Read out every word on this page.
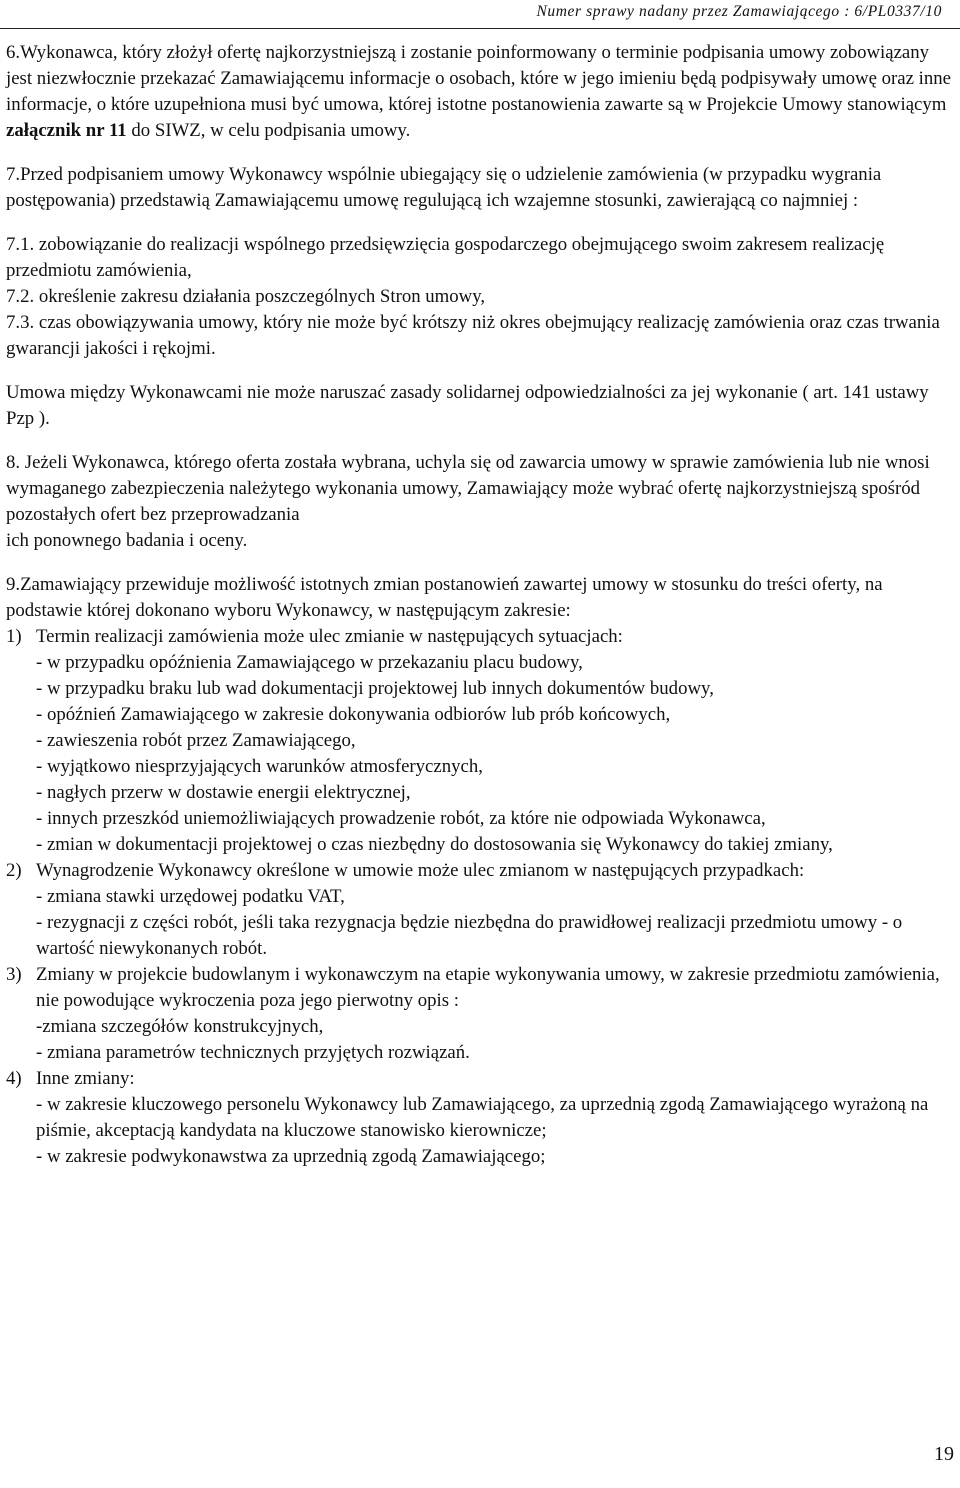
Numer sprawy nadany przez Zamawiającego : 6/PL0337/10

6.Wykonawca, który złożył ofertę najkorzystniejszą i zostanie poinformowany o terminie podpisania umowy zobowiązany jest niezwłocznie przekazać Zamawiającemu informacje o osobach, które w jego imieniu będą podpisywały umowę oraz inne informacje, o które uzupełniona musi być umowa, której istotne postanowienia zawarte są w Projekcie Umowy stanowiącym załącznik nr 11 do SIWZ, w celu podpisania umowy.

7.Przed podpisaniem umowy Wykonawcy wspólnie ubiegający się o udzielenie zamówienia (w przypadku wygrania postępowania) przedstawią Zamawiającemu umowę regulującą ich wzajemne stosunki, zawierającą co najmniej :

7.1. zobowiązanie do realizacji wspólnego przedsięwzięcia gospodarczego obejmującego swoim zakresem realizację przedmiotu zamówienia,

7.2. określenie zakresu działania poszczególnych Stron umowy,

7.3. czas obowiązywania umowy, który nie może być krótszy niż okres obejmujący realizację zamówienia oraz czas trwania gwarancji jakości i rękojmi.

Umowa między Wykonawcami nie może naruszać zasady solidarnej odpowiedzialności za jej wykonanie ( art. 141 ustawy Pzp ).

8. Jeżeli Wykonawca, którego oferta została wybrana, uchyla się od zawarcia umowy w sprawie zamówienia lub nie wnosi wymaganego zabezpieczenia należytego wykonania umowy, Zamawiający może wybrać ofertę najkorzystniejszą spośród pozostałych ofert bez przeprowadzania

ich ponownego badania i oceny.

9.Zamawiający przewiduje możliwość istotnych zmian postanowień zawartej umowy w stosunku do treści oferty, na podstawie której dokonano wyboru Wykonawcy, w następującym zakresie:

1) Termin realizacji zamówienia może ulec zmianie w następujących sytuacjach:
- w przypadku opóźnienia Zamawiającego w przekazaniu placu budowy,
- w przypadku braku lub wad dokumentacji projektowej lub innych dokumentów budowy,
- opóźnień Zamawiającego w zakresie dokonywania odbiorów lub prób końcowych,
- zawieszenia robót przez Zamawiającego,
- wyjątkowo niesprzyjających warunków atmosferycznych,
- nagłych przerw w dostawie energii elektrycznej,
- innych przeszkód uniemożliwiających prowadzenie robót, za które nie odpowiada Wykonawca,
- zmian w dokumentacji projektowej o czas niezbędny do dostosowania się Wykonawcy do takiej zmiany,
2) Wynagrodzenie Wykonawcy określone w umowie może ulec zmianom w następujących przypadkach:
- zmiana stawki urzędowej podatku VAT,
- rezygnacji z części robót, jeśli taka rezygnacja będzie niezbędna do prawidłowej realizacji przedmiotu umowy - o wartość niewykonanych robót.
3) Zmiany w projekcie budowlanym i wykonawczym na etapie wykonywania umowy, w zakresie przedmiotu zamówienia, nie powodujące wykroczenia poza jego pierwotny opis :
-zmiana szczegółów konstrukcyjnych,
- zmiana parametrów technicznych przyjętych rozwiązań.
4) Inne zmiany:
- w zakresie kluczowego personelu Wykonawcy lub Zamawiającego, za uprzednią zgodą Zamawiającego wyrażoną na piśmie, akceptacją kandydata na kluczowe stanowisko kierownicze;
- w zakresie podwykonawstwa za uprzednią zgodą Zamawiającego;
19
